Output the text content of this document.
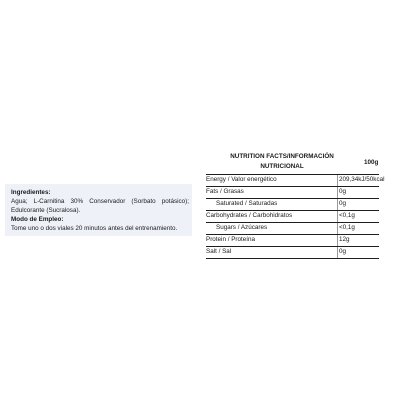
Ingredientes:
Agua; L-Carnitina 30% Conservador (Sorbato potásico); Edulcorante (Sucralosa).
Modo de Empleo:
Tome uno o dos viales 20 minutos antes del entrenamiento.
NUTRITION FACTS/INFORMACIÓN NUTRICIONAL	100g
Energy / Valor energético	209,34kJ/50kcal
Fats / Grasas	0g
Saturated / Saturadas	0g
Carbohydrates / Carbohidratos	<0,1g
Sugars / Azúcares	<0,1g
Protein / Proteína	12g
Salt / Sal	0g
